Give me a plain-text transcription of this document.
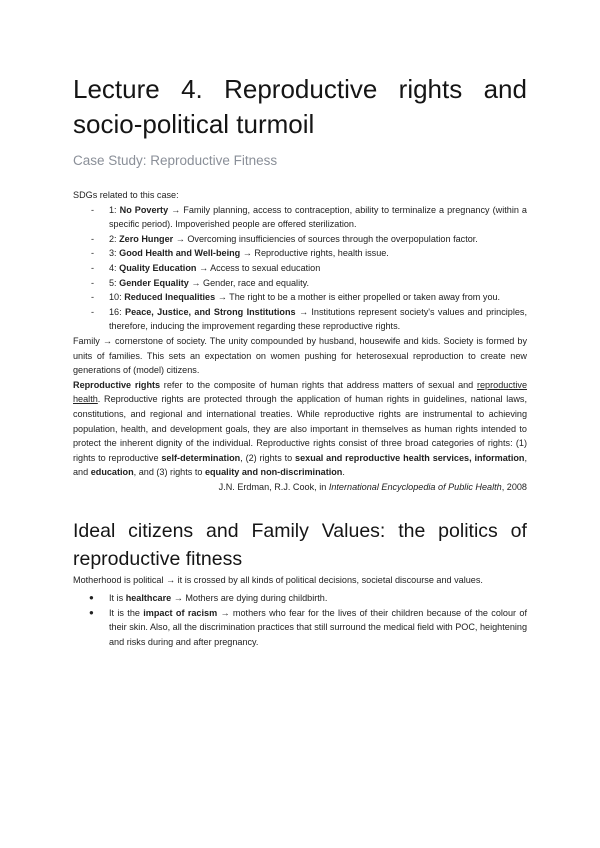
Lecture 4. Reproductive rights and
socio-political turmoil
Case Study: Reproductive Fitness
SDGs related to this case:
- 1: No Poverty → Family planning, access to contraception, ability to terminalize a pregnancy (within a specific period). Impoverished people are offered sterilization.
- 2: Zero Hunger → Overcoming insufficiencies of sources through the overpopulation factor.
- 3: Good Health and Well-being → Reproductive rights, health issue.
- 4: Quality Education → Access to sexual education
- 5: Gender Equality → Gender, race and equality.
- 10: Reduced Inequalities → The right to be a mother is either propelled or taken away from you.
- 16: Peace, Justice, and Strong Institutions → Institutions represent society's values and principles, therefore, inducing the improvement regarding these reproductive rights.

Family → cornerstone of society. The unity compounded by husband, housewife and kids. Society is formed by units of families. This sets an expectation on women pushing for heterosexual reproduction to create new generations of (model) citizens.

Reproductive rights refer to the composite of human rights that address matters of sexual and reproductive health. Reproductive rights are protected through the application of human rights in guidelines, national laws, constitutions, and regional and international treaties. While reproductive rights are instrumental to achieving population, health, and development goals, they are also important in themselves as human rights intended to protect the inherent dignity of the individual. Reproductive rights consist of three broad categories of rights: (1) rights to reproductive self-determination, (2) rights to sexual and reproductive health services, information, and education, and (3) rights to equality and non-discrimination.

J.N. Erdman, R.J. Cook, in International Encyclopedia of Public Health, 2008
Ideal citizens and Family Values: the politics of
reproductive fitness

Motherhood is political → it is crossed by all kinds of political decisions, societal discourse and values.

● It is healthcare → Mothers are dying during childbirth.
● It is the impact of racism → mothers who fear for the lives of their children because of the colour of their skin. Also, all the discrimination practices that still surround the medical field with POC, heightening and risks during and after pregnancy.
